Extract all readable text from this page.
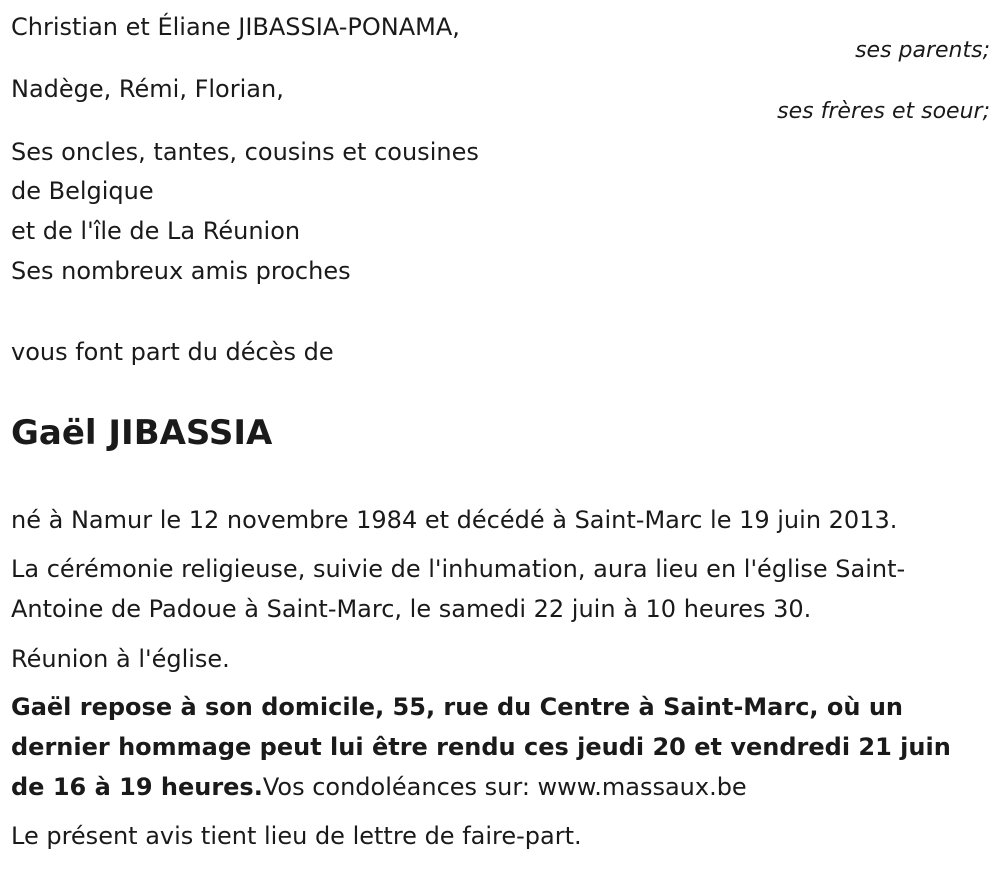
Christian et Éliane JIBASSIA-PONAMA,
ses parents;
Nadège, Rémi, Florian,
ses frères et soeur;
Ses oncles, tantes, cousins et cousines
de Belgique
et de l'île de La Réunion
Ses nombreux amis proches
vous font part du décès de
Gaël JIBASSIA
né à Namur le 12 novembre 1984 et décédé à Saint-Marc le 19 juin 2013.
La cérémonie religieuse, suivie de l'inhumation, aura lieu en l'église Saint-
Antoine de Padoue à Saint-Marc, le samedi 22 juin à 10 heures 30.
Réunion à l'église.
Gaël repose à son domicile, 55, rue du Centre à Saint-Marc, où un
dernier hommage peut lui être rendu ces jeudi 20 et vendredi 21 juin
de 16 à 19 heures.Vos condoléances sur: www.massaux.be
Le présent avis tient lieu de lettre de faire-part.
